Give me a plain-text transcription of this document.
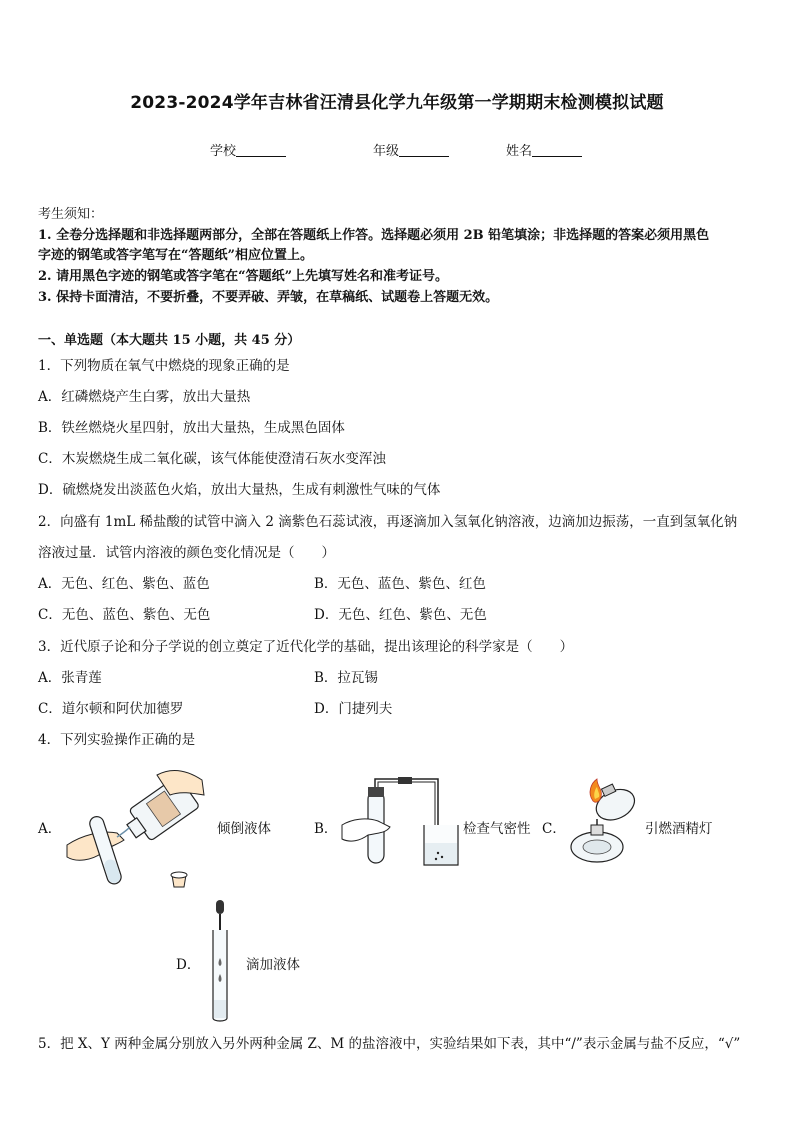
2023-2024学年吉林省汪清县化学九年级第一学期期末检测模拟试题
学校	年级	姓名
考生须知：
1. 全卷分选择题和非选择题两部分，全部在答题纸上作答。选择题必须用 2B 铅笔填涂；非选择题的答案必须用黑色
字迹的钢笔或答字笔写在“答题纸”相应位置上。
2. 请用黑色字迹的钢笔或答字笔在“答题纸”上先填写姓名和准考证号。
3. 保持卡面清洁，不要折叠，不要弄破、弄皱，在草稿纸、试题卷上答题无效。
一、单选题（本大题共 15 小题，共 45 分）
1．下列物质在氧气中燃烧的现象正确的是
A．红磷燃烧产生白雾，放出大量热
B．铁丝燃烧火星四射，放出大量热，生成黑色固体
C．木炭燃烧生成二氧化碳，该气体能使澄清石灰水变浑浊
D．硫燃烧发出淡蓝色火焰，放出大量热，生成有刺激性气味的气体
2．向盛有 1mL 稀盐酸的试管中滴入 2 滴紫色石蕊试液，再逐滴加入氢氧化钠溶液，边滴加边振荡，一直到氢氧化钠
溶液过量．试管内溶液的颜色变化情况是（　　）
A．无色、红色、紫色、蓝色	B．无色、蓝色、紫色、红色
C．无色、蓝色、紫色、无色	D．无色、红色、紫色、无色
3．近代原子论和分子学说的创立奠定了近代化学的基础，提出该理论的科学家是（　　）
A．张青莲	B．拉瓦锡
C．道尔顿和阿伏加德罗	D．门捷列夫
4．下列实验操作正确的是
A．	倾倒液体	B．	检查气密性 C．	引燃酒精灯
D．	滴加液体
5．把 X、Y 两种金属分别放入另外两种金属 Z、M 的盐溶液中，实验结果如下表，其中“/”表示金属与盐不反应，“√”
